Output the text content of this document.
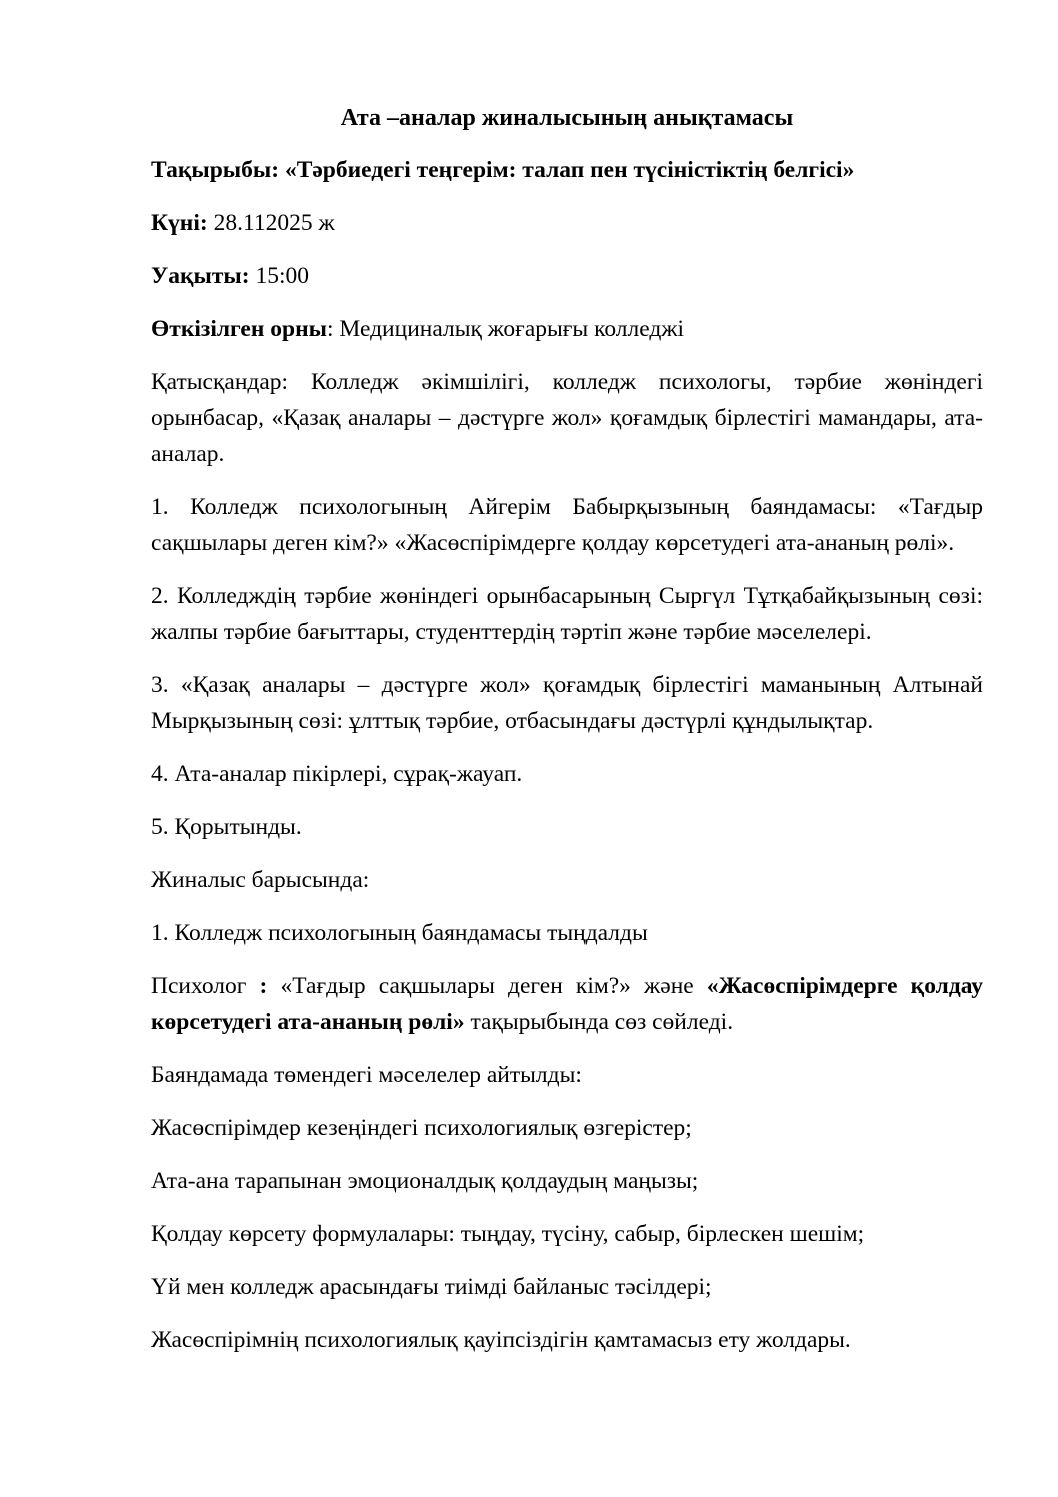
Ата –аналар жиналысының анықтамасы

Тақырыбы: «Тәрбиедегі теңгерім: талап пен түсіністіктің белгісі»

Күні: 28.112025 ж

Уақыты: 15:00

Өткізілген орны: Медициналық жоғарығы колледжі

Қатысқандар: Колледж әкімшілігі, колледж психологы, тәрбие жөніндегі орынбасар, «Қазақ аналары – дәстүрге жол» қоғамдық бірлестігі мамандары, ата-аналар.

1. Колледж психологының Айгерім Бабырқызының баяндамасы: «Тағдыр сақшылары деген кім?» «Жасөспірімдерге қолдау көрсетудегі ата-ананың рөлі».

2. Колледждің тәрбие жөніндегі орынбасарының Сыргүл Тұтқабайқызының сөзі: жалпы тәрбие бағыттары, студенттердің тәртіп және тәрбие мәселелері.

3. «Қазақ аналары – дәстүрге жол» қоғамдық бірлестігі маманының Алтынай Мырқызының сөзі: ұлттық тәрбие, отбасындағы дәстүрлі құндылықтар.

4. Ата-аналар пікірлері, сұрақ-жауап.

5. Қорытынды.

Жиналыс барысында:

1. Колледж психологының баяндамасы тыңдалды

Психолог : «Тағдыр сақшылары деген кім?» және «Жасөспірімдерге қолдау көрсетудегі ата-ананың рөлі» тақырыбында сөз сөйледі.

Баяндамада төмендегі мәселелер айтылды:

Жасөспірімдер кезеңіндегі психологиялық өзгерістер;

Ата-ана тарапынан эмоционалдық қолдаудың маңызы;

Қолдау көрсету формулалары: тыңдау, түсіну, сабыр, бірлескен шешім;

Үй мен колледж арасындағы тиімді байланыс тәсілдері;

Жасөспірімнің психологиялық қауіпсіздігін қамтамасыз ету жолдары.
